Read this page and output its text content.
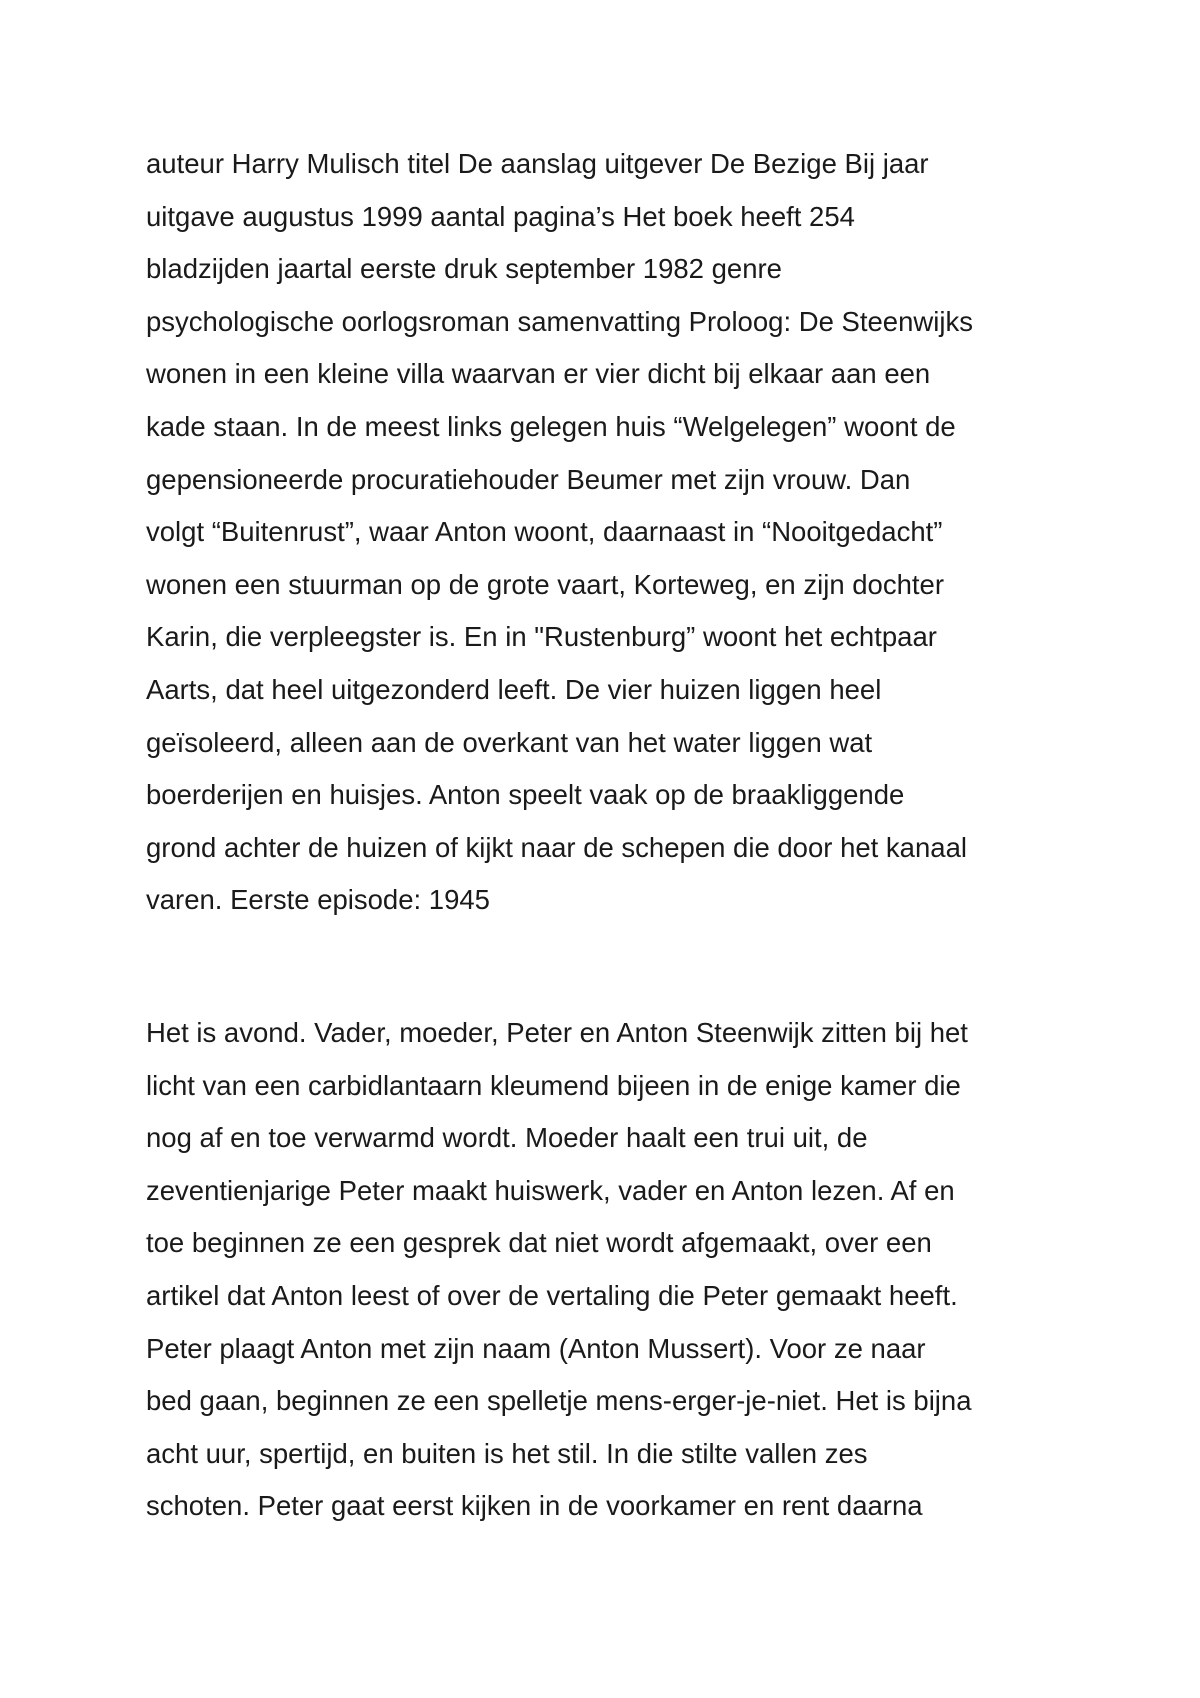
auteur Harry Mulisch titel De aanslag uitgever De Bezige Bij jaar
uitgave augustus 1999 aantal pagina’s Het boek heeft 254
bladzijden jaartal eerste druk september 1982 genre
psychologische oorlogsroman samenvatting Proloog: De Steenwijks
wonen in een kleine villa waarvan er vier dicht bij elkaar aan een
kade staan. In de meest links gelegen huis “Welgelegen” woont de
gepensioneerde procuratiehouder Beumer met zijn vrouw. Dan
volgt “Buitenrust”, waar Anton woont, daarnaast in “Nooitgedacht”
wonen een stuurman op de grote vaart, Korteweg, en zijn dochter
Karin, die verpleegster is. En in "Rustenburg” woont het echtpaar
Aarts, dat heel uitgezonderd leeft. De vier huizen liggen heel
geïsoleerd, alleen aan de overkant van het water liggen wat
boerderijen en huisjes. Anton speelt vaak op de braakliggende
grond achter de huizen of kijkt naar de schepen die door het kanaal
varen. Eerste episode: 1945
Het is avond. Vader, moeder, Peter en Anton Steenwijk zitten bij het
licht van een carbidlantaarn kleumend bijeen in de enige kamer die
nog af en toe verwarmd wordt. Moeder haalt een trui uit, de
zeventienjarige Peter maakt huiswerk, vader en Anton lezen. Af en
toe beginnen ze een gesprek dat niet wordt afgemaakt, over een
artikel dat Anton leest of over de vertaling die Peter gemaakt heeft.
Peter plaagt Anton met zijn naam (Anton Mussert). Voor ze naar
bed gaan, beginnen ze een spelletje mens-erger-je-niet. Het is bijna
acht uur, spertijd, en buiten is het stil. In die stilte vallen zes
schoten. Peter gaat eerst kijken in de voorkamer en rent daarna
